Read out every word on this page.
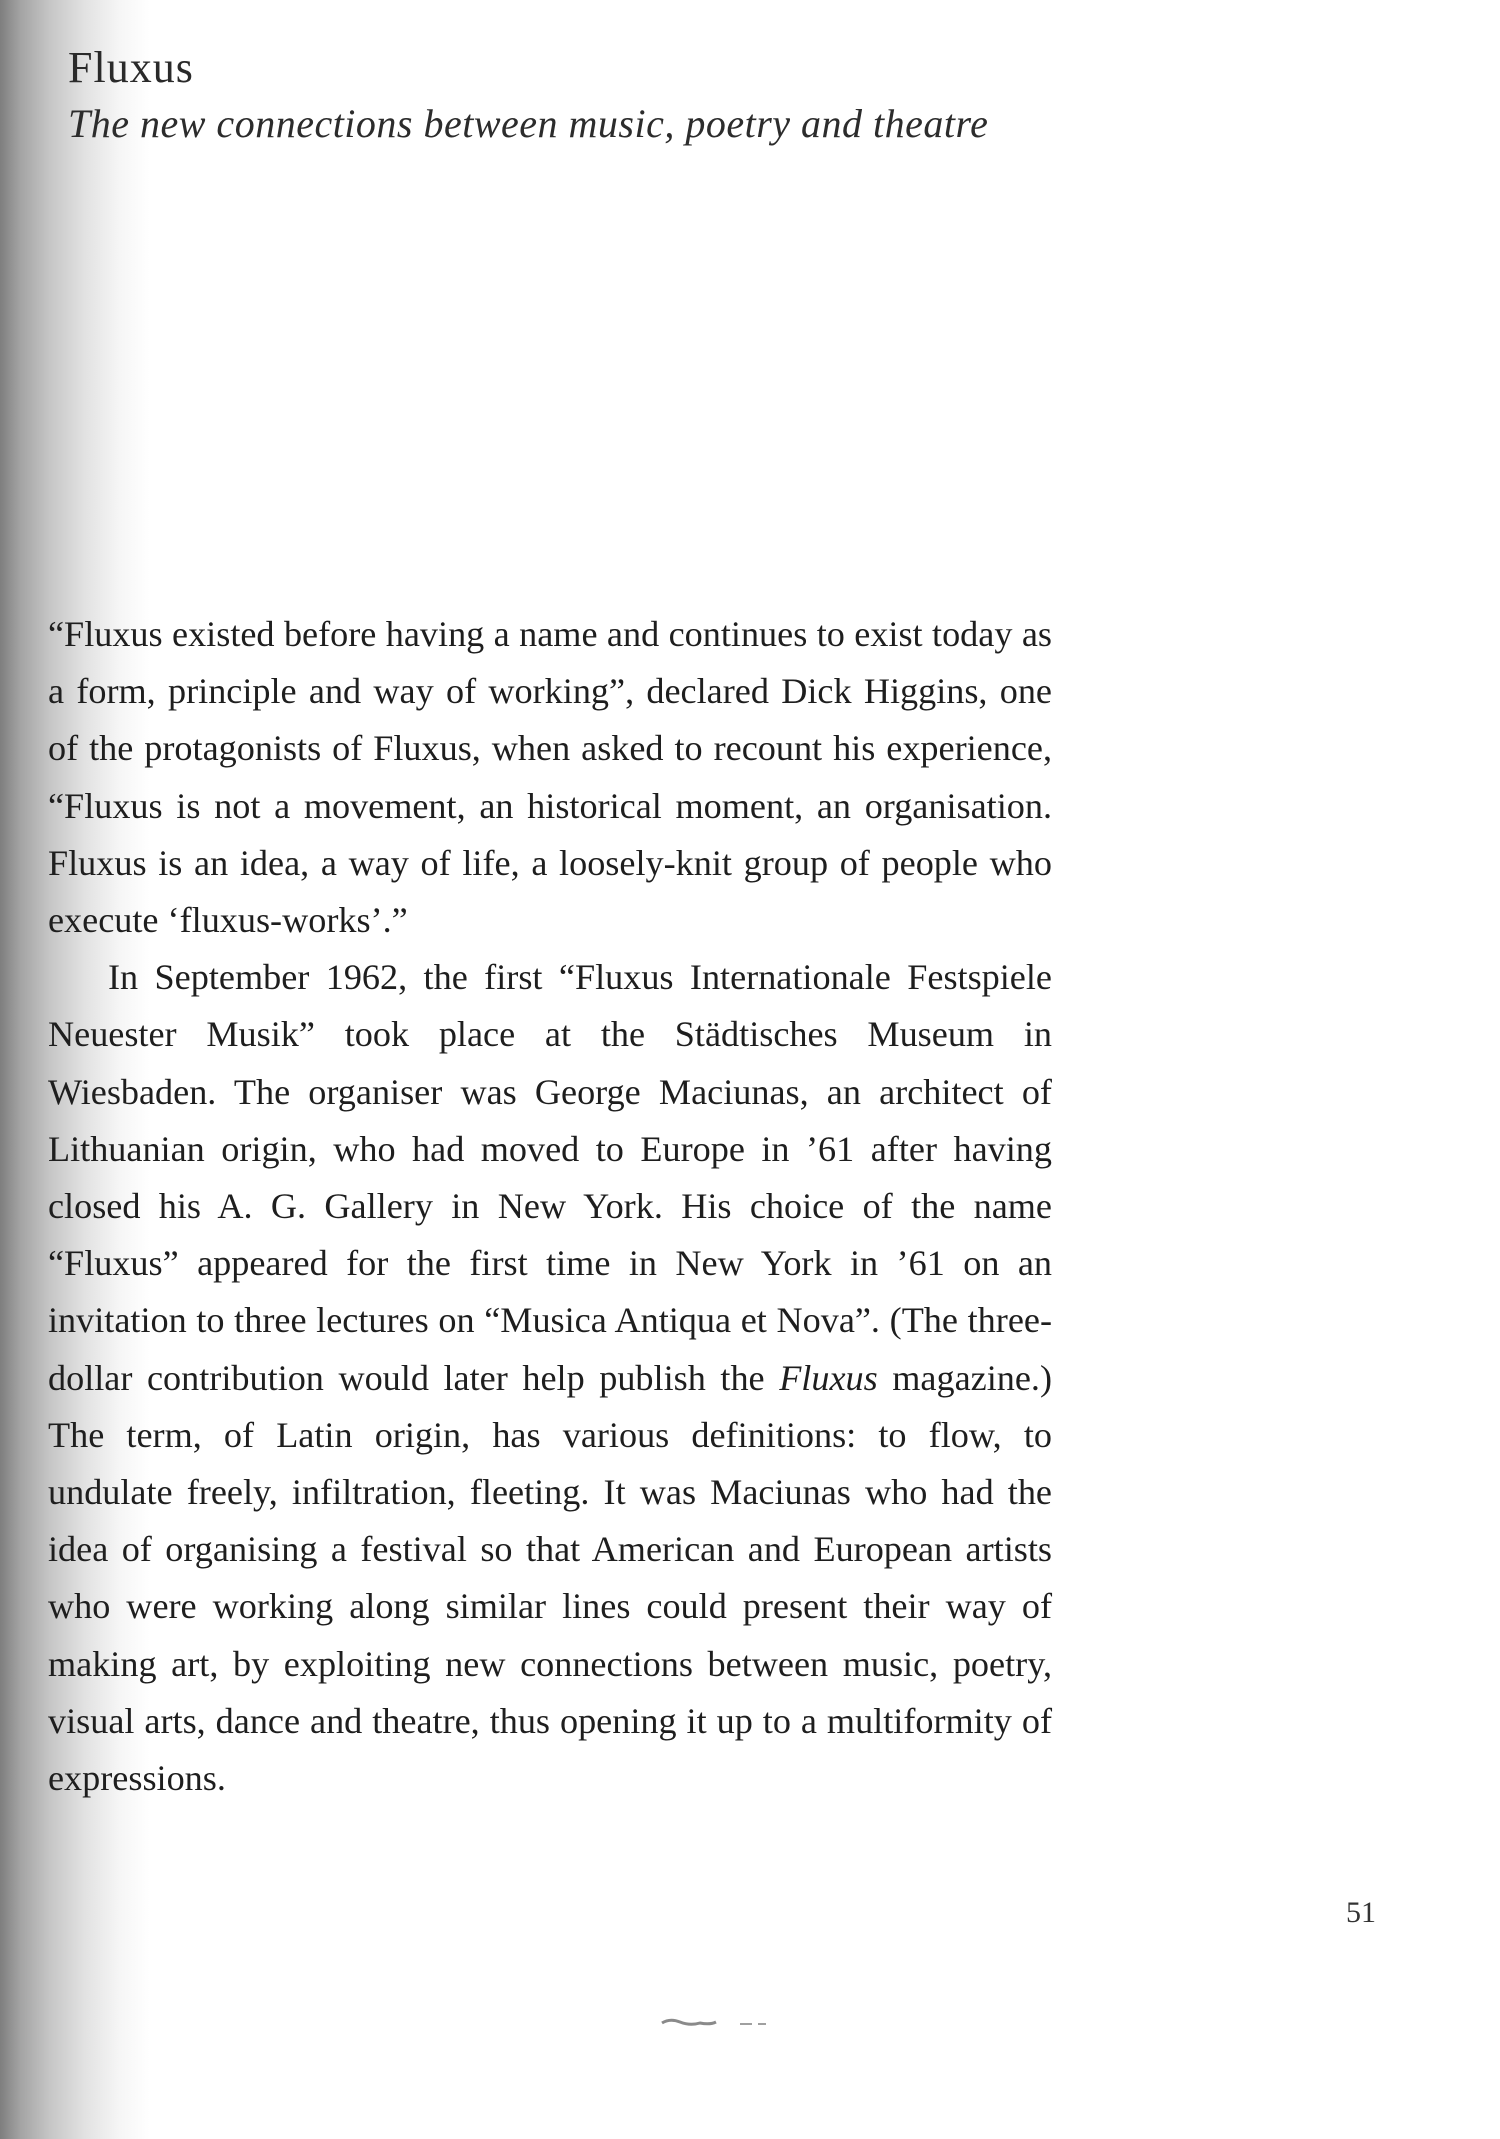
Fluxus
The new connections between music, poetry and theatre

“Fluxus existed before having a name and continues to exist today as a form, principle and way of working”, declared Dick Higgins, one of the protagonists of Fluxus, when asked to recount his experience, “Fluxus is not a movement, an historical moment, an organisation. Fluxus is an idea, a way of life, a loosely-knit group of people who execute ‘fluxus-works’.”

In September 1962, the first “Fluxus Internationale Festspiele Neuester Musik” took place at the Städtisches Museum in Wiesbaden. The organiser was George Maciunas, an architect of Lithuanian origin, who had moved to Europe in ’61 after having closed his A. G. Gallery in New York. His choice of the name “Fluxus” appeared for the first time in New York in ’61 on an invitation to three lectures on “Musica Antiqua et Nova”. (The three-dollar contribution would later help publish the Fluxus magazine.) The term, of Latin origin, has various definitions: to flow, to undulate freely, infiltration, fleeting. It was Maciunas who had the idea of organising a festival so that American and European artists who were working along similar lines could present their way of making art, by exploiting new connections between music, poetry, visual arts, dance and theatre, thus opening it up to a multiformity of expressions.

51
